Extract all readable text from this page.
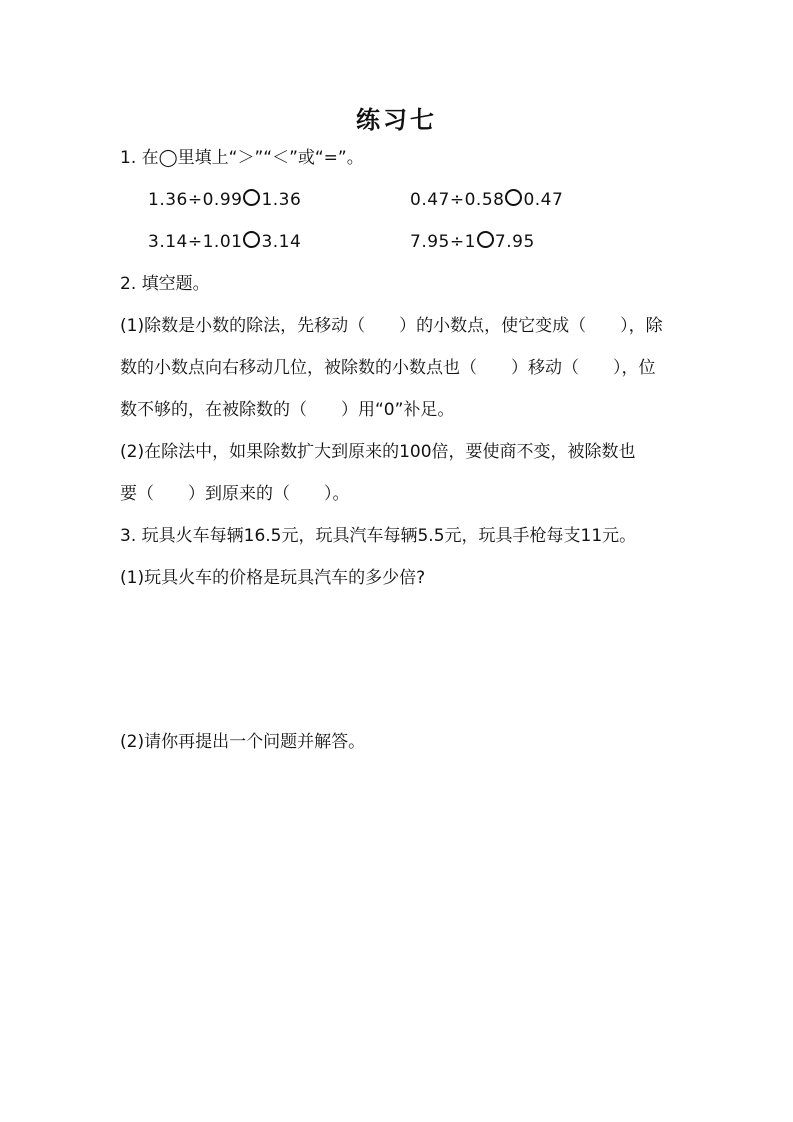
练习七
1. 在◯里填上“＞”“＜”或“=”。
1.36÷0.99 1.36	0.47÷0.58 0.47
3.14÷1.01 3.14	7.95÷1 7.95
2. 填空题。
(1)除数是小数的除法，先移动（　　）的小数点，使它变成（　　），除
数的小数点向右移动几位，被除数的小数点也（　　）移动（　　），位
数不够的，在被除数的（　　）用“0”补足。
(2)在除法中，如果除数扩大到原来的100倍，要使商不变，被除数也
要（　　）到原来的（　　）。
3. 玩具火车每辆16.5元，玩具汽车每辆5.5元，玩具手枪每支11元。
(1)玩具火车的价格是玩具汽车的多少倍?
(2)请你再提出一个问题并解答。
